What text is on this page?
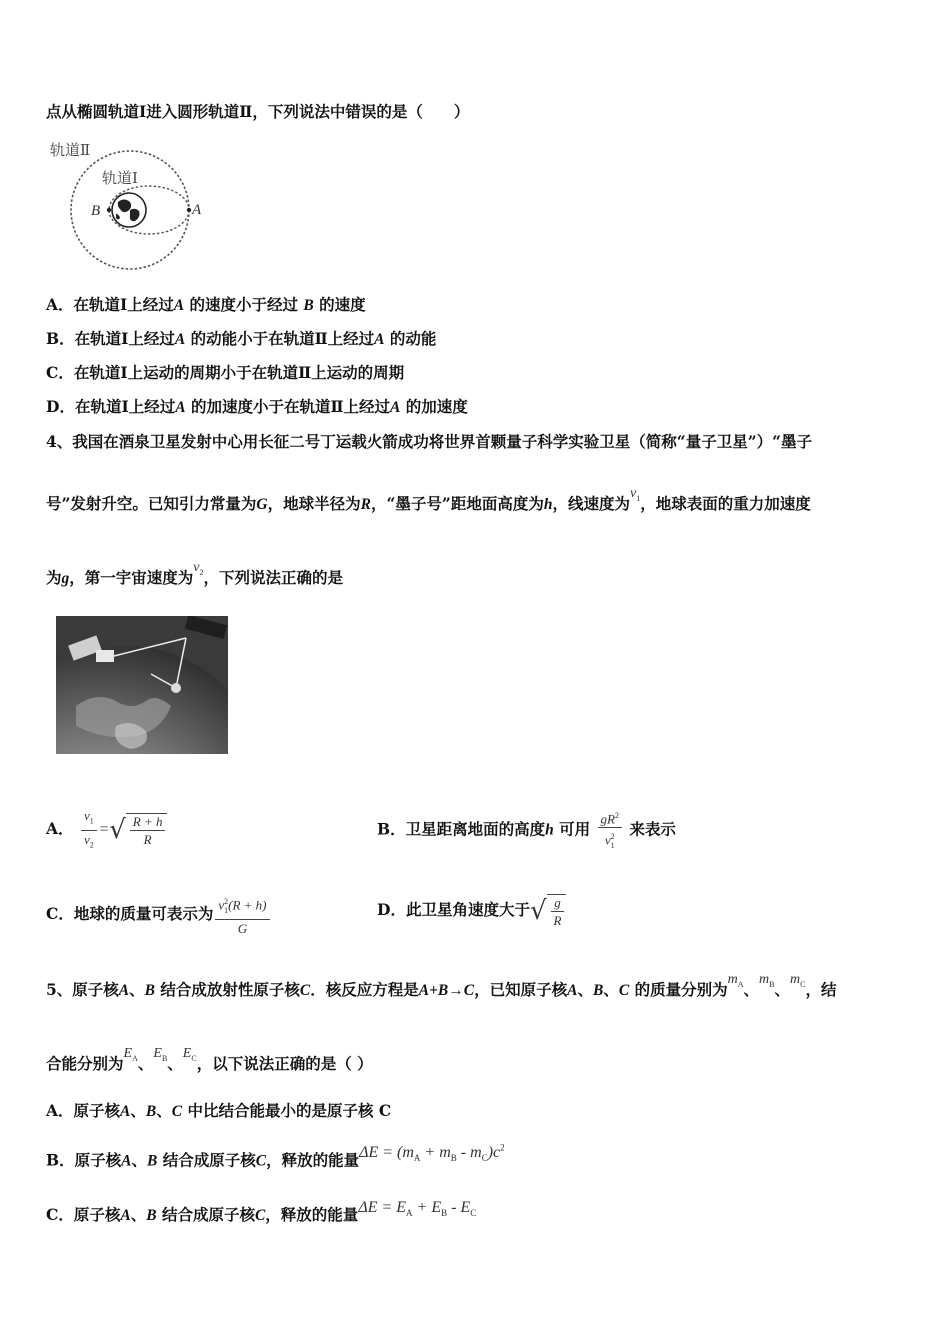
点从椭圆轨道Ⅰ进入圆形轨道Ⅱ，下列说法中错误的是（　　）
轨道Ⅱ
轨道Ⅰ
B	A
A．在轨道Ⅰ上经过A 的速度小于经过 B 的速度
B．在轨道Ⅰ上经过A 的动能小于在轨道Ⅱ上经过A 的动能
C．在轨道Ⅰ上运动的周期小于在轨道Ⅱ上运动的周期
D．在轨道Ⅰ上经过A 的加速度小于在轨道Ⅱ上经过A 的加速度
4、我国在酒泉卫星发射中心用长征二号丁运载火箭成功将世界首颗量子科学实验卫星（简称“量子卫星”）“墨子
号”发射升空。已知引力常量为G，地球半径为R，“墨子号”距地面高度为h，线速度为$v_1$，地球表面的重力加速度
为g，第一宇宙速度为$v_2$，下列说法正确的是
A． $\frac{v_1}{v_2}$ = √ $\frac{R + h}{R}$	B．卫星距离地面的高度h 可用 $\frac{gR^2}{v^2_1}$ 来表示
C．地球的质量可表示为 $\frac{v^2_1(R + h)}{G}$	D．此卫星角速度大于 √ $\frac{g}{R}$
5、原子核A、B 结合成放射性原子核C．核反应方程是A+B→C，已知原子核A、B、C 的质量分别为$m_A$、$m_B$、$m_C$，结
合能分别为$E_A$、$E_B$、$E_C$，以下说法正确的是（ ）
A．原子核A、B、C 中比结合能最小的是原子核 C
B．原子核A、B 结合成原子核C，释放的能量$\Delta E = (m_A + m_B - m_C)c^2$
C．原子核A、B 结合成原子核C，释放的能量$\Delta E = E_A + E_B - E_C$
